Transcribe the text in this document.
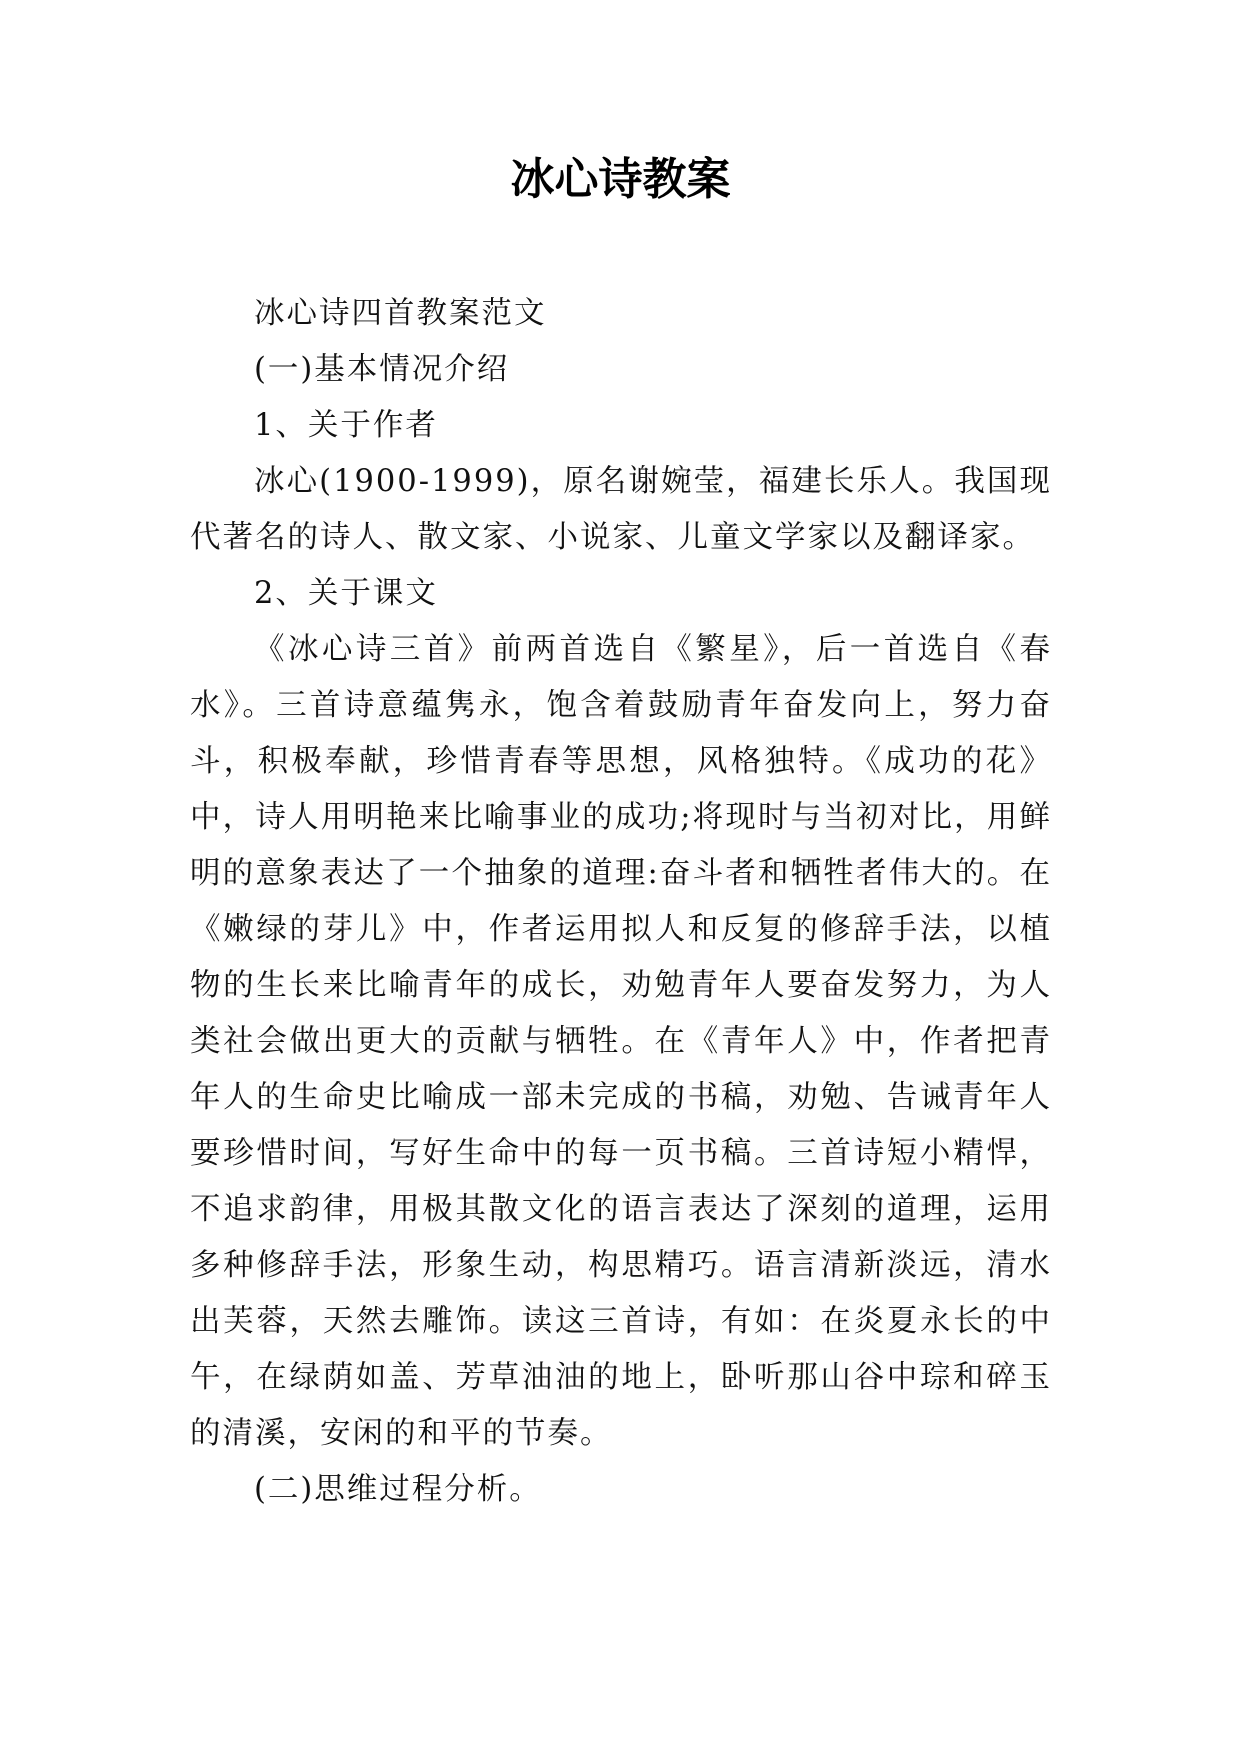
冰心诗教案

冰心诗四首教案范文

(一)基本情况介绍

1、关于作者

冰心(1900-1999)，原名谢婉莹，福建长乐人。我国现代著名的诗人、散文家、小说家、儿童文学家以及翻译家。

2、关于课文

《冰心诗三首》前两首选自《繁星》，后一首选自《春水》。三首诗意蕴隽永，饱含着鼓励青年奋发向上，努力奋斗，积极奉献，珍惜青春等思想，风格独特。《成功的花》中，诗人用明艳来比喻事业的成功;将现时与当初对比，用鲜明的意象表达了一个抽象的道理:奋斗者和牺牲者伟大的。在《嫩绿的芽儿》中，作者运用拟人和反复的修辞手法，以植物的生长来比喻青年的成长，劝勉青年人要奋发努力，为人类社会做出更大的贡献与牺牲。在《青年人》中，作者把青年人的生命史比喻成一部未完成的书稿，劝勉、告诫青年人要珍惜时间，写好生命中的每一页书稿。三首诗短小精悍，不追求韵律，用极其散文化的语言表达了深刻的道理，运用多种修辞手法，形象生动，构思精巧。语言清新淡远，清水出芙蓉，天然去雕饰。读这三首诗，有如：在炎夏永长的中午，在绿荫如盖、芳草油油的地上，卧听那山谷中琮和碎玉的清溪，安闲的和平的节奏。

(二)思维过程分析。
